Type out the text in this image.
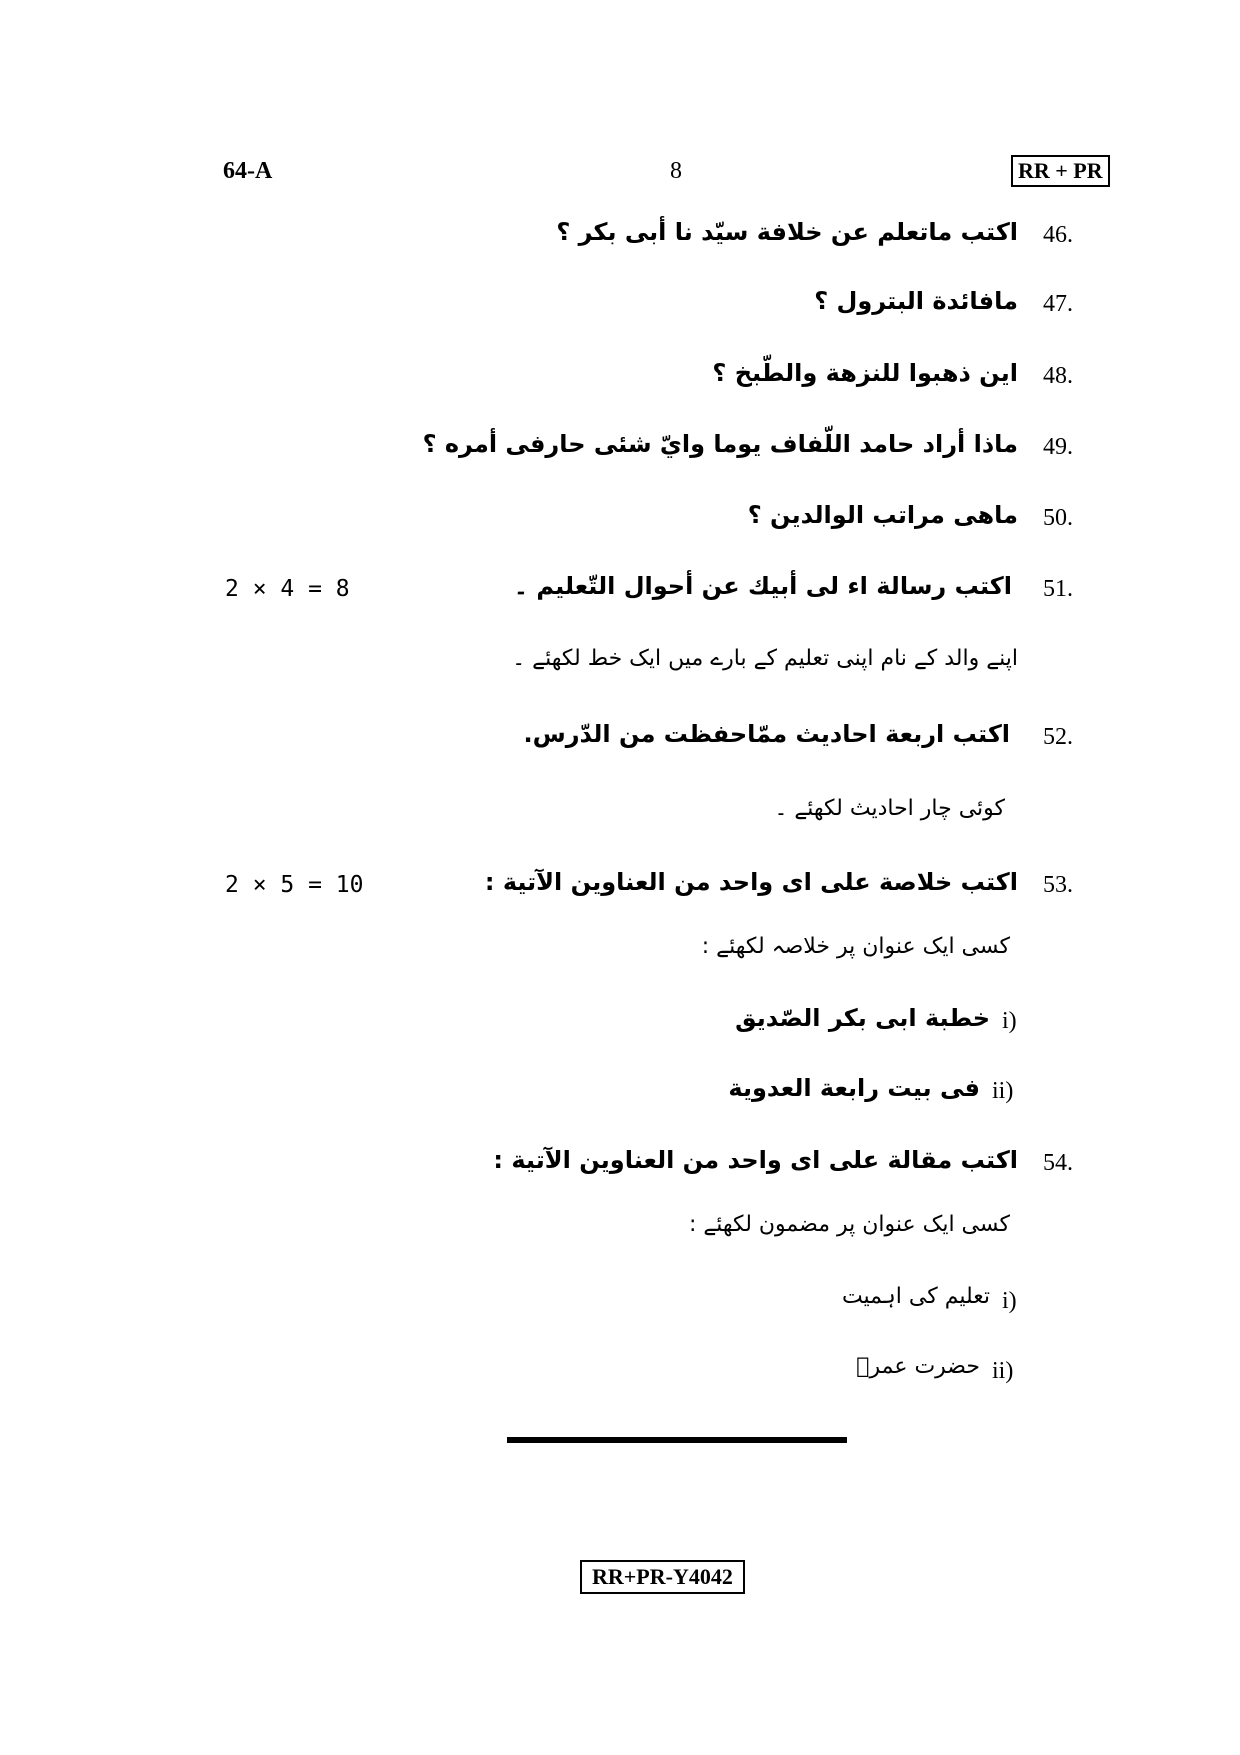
64-A	8	RR + PR
46.
اكتب ماتعلم عن خلافة سيّد نا أبى بكر ؟
47.
مافائدة البترول ؟
48.
اين ذهبوا للنزهة والطّبخ ؟
49.
ماذا أراد حامد اللّفاف يوما وايّ شئى حارفى أمره ؟
50.
ماهى مراتب الوالدين ؟
2 × 4 = 8	51.
اكتب رسالة اء لى أبيك عن أحوال التّعليم ۔
اپنے والد کے نام اپنی تعلیم کے بارے میں ایک خط لکھئے ۔
52.
اكتب اربعة احاديث ممّاحفظت من الدّرس.
کوئی چار احادیث لکھئے ۔
2 × 5 = 10	53.
اكتب خلاصة على اى واحد من العناوين الآتية :
کسی ایک عنوان پر خلاصہ لکھئے :
i)
خطبة ابى بكر الصّديق
ii)
فى بيت رابعة العدوية
54.
اكتب مقالة على اى واحد من العناوين الآتية :
کسی ایک عنوان پر مضمون لکھئے :
i)
تعلیم کی اہمیت
ii)
حضرت عمرؓ
RR+PR-Y4042
